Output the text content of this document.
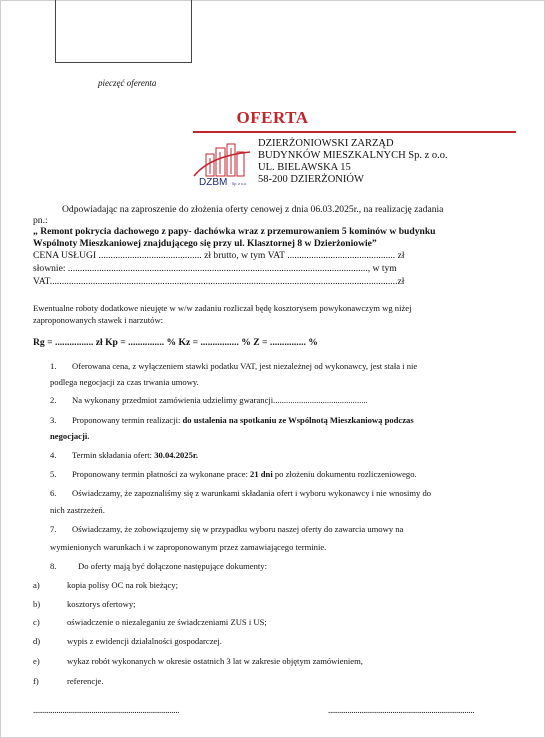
pieczęć oferenta
OFERTA
DZBM Sp. z o.o.
DZIERŻONIOWSKI ZARZĄD
BUDYNKÓW MIESZKALNYCH Sp. z o.o.
UL. BIELAWSKA 15
58-200 DZIERŻONIÓW
Odpowiadając na zaproszenie do złożenia oferty cenowej z dnia 06.03.2025r., na realizację zadania
pn.:
„ Remont pokrycia dachowego z papy- dachówka wraz z przemurowaniem 5 kominów w budynku
Wspólnoty Mieszkaniowej znajdującego się przy ul. Klasztornej 8 w Dzierżoniowie”
CENA USŁUGI ........................................... zł brutto, w tym VAT ............................................. zł
słownie: ............................................................................................................................., w tym
VAT.................................................................................................................................................zł
Ewentualne roboty dodatkowe nieujęte w w/w zadaniu rozliczał będę kosztorysem powykonawczym wg niżej
zaproponowanych stawek i narzutów:
Rg = ................ zł Kp = ............... % Kz = ................ % Z = ............... %
1. Oferowana cena, z wyłączeniem stawki podatku VAT, jest niezależnej od wykonawcy, jest stała i nie
podlega negocjacji za czas trwania umowy.
2. Na wykonany przedmiot zamówienia udzielimy gwarancji............................................
3. Proponowany termin realizacji: do ustalenia na spotkaniu ze Wspólnotą Mieszkaniową podczas
negocjacji.
4. Termin składania ofert: 30.04.2025r.
5. Proponowany termin płatności za wykonane prace: 21 dni po złożeniu dokumentu rozliczeniowego.
6. Oświadczamy, że zapoznaliśmy się z warunkami składania ofert i wyboru wykonawcy i nie wnosimy do
nich zastrzeżeń.
7. Oświadczamy, że zobowiązujemy się w przypadku wyboru naszej oferty do zawarcia umowy na
wymienionych warunkach i w zaproponowanym przez zamawiającego terminie.
8.	Do oferty mają być dołączone następujące dokumenty:
a)	kopia polisy OC na rok bieżący;
b)	kosztorys ofertowy;
c)	oświadczenie o niezaleganiu ze świadczeniami ZUS i US;
d)	wypis z ewidencji działalności gospodarczej.
e)	wykaz robót wykonanych w okresie ostatnich 3 lat w zakresie objętym zamówieniem,
f)	referencje.
...........................................................................	...........................................................................
